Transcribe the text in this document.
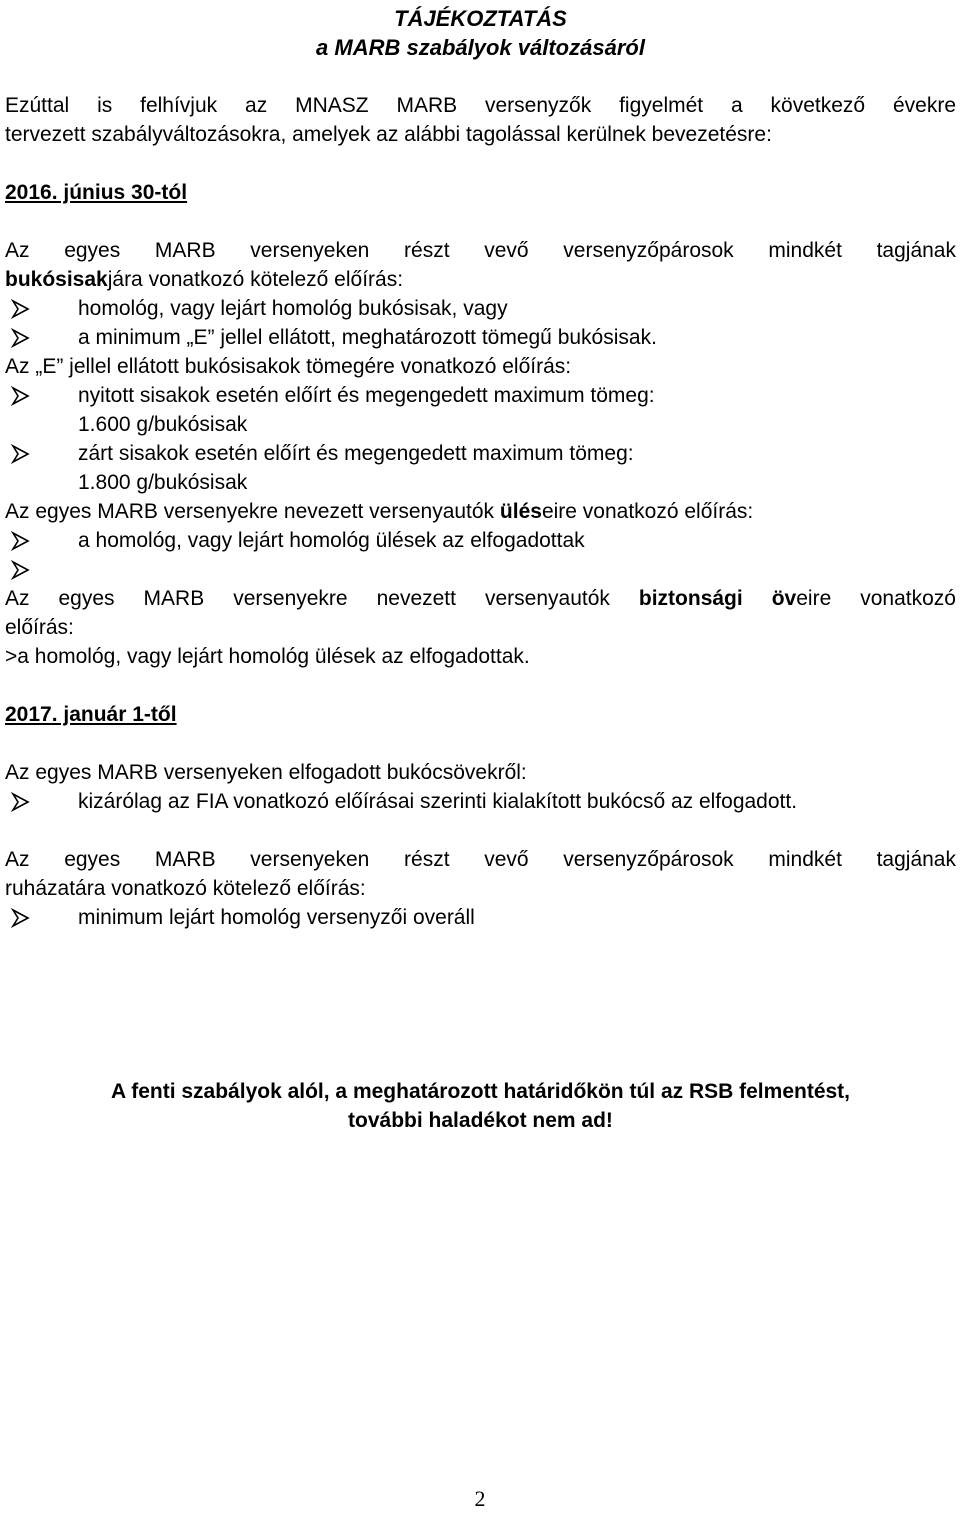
TÁJÉKOZTATÁS
a MARB szabályok változásáról

Ezúttal is felhívjuk az MNASZ MARB versenyzők figyelmét a következő évekre

tervezett szabályváltozásokra, amelyek az alábbi tagolással kerülnek bevezetésre:

2016. június 30-tól

Az egyes MARB versenyeken részt vevő versenyzőpárosok mindkét tagjának

bukósisakjára vonatkozó kötelező előírás:

homológ, vagy lejárt homológ bukósisak, vagy
a minimum „E” jellel ellátott, meghatározott tömegű bukósisak.

Az „E” jellel ellátott bukósisakok tömegére vonatkozó előírás:

nyitott sisakok esetén előírt és megengedett maximum tömeg:

1.600 g/bukósisak

zárt sisakok esetén előírt és megengedett maximum tömeg:

1.800 g/bukósisak

Az egyes MARB versenyekre nevezett versenyautók üléseire vonatkozó előírás:

a homológ, vagy lejárt homológ ülések az elfogadottak

Az egyes MARB versenyekre nevezett versenyautók biztonsági öveire vonatkozó

előírás:

>a homológ, vagy lejárt homológ ülések az elfogadottak.

2017. január 1-től

Az egyes MARB versenyeken elfogadott bukócsövekről:

kizárólag az FIA vonatkozó előírásai szerinti kialakított bukócső az elfogadott.

Az egyes MARB versenyeken részt vevő versenyzőpárosok mindkét tagjának

ruházatára vonatkozó kötelező előírás:

minimum lejárt homológ versenyzői overáll
A fenti szabályok alól, a meghatározott határidőkön túl az RSB felmentést,
további haladékot nem ad!
2
